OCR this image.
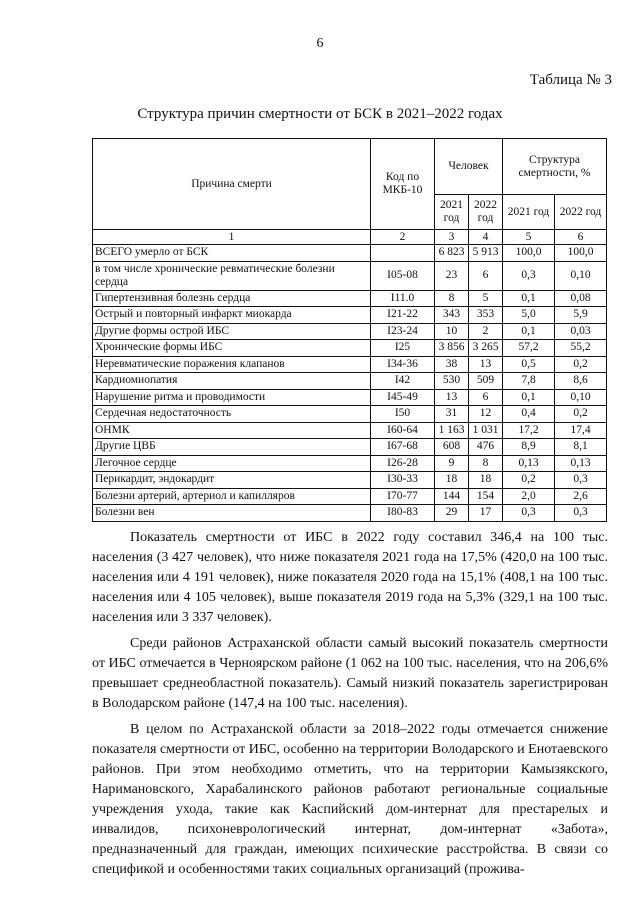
6
Таблица № 3
Структура причин смертности от БСК в 2021–2022 годах
Причина смерти	Код по МКБ-10	Человек		Структура смертности, %	
		2021 год	2022 год	2021 год	2022 год
1	2	3	4	5	6
ВСЕГО умерло от БСК		6 823	5 913	100,0	100,0
в том числе хронические ревматические болезни сердца	I05-08	23	6	0,3	0,10
Гипертензивная болезнь сердца	I11.0	8	5	0,1	0,08
Острый и повторный инфаркт миокарда	I21-22	343	353	5,0	5,9
Другие формы острой ИБС	I23-24	10	2	0,1	0,03
Хронические формы ИБС	I25	3 856	3 265	57,2	55,2
Неревматические поражения клапанов	I34-36	38	13	0,5	0,2
Кардиомиопатия	I42	530	509	7,8	8,6
Нарушение ритма и проводимости	I45-49	13	6	0,1	0,10
Сердечная недостаточность	I50	31	12	0,4	0,2
ОНМК	I60-64	1 163	1 031	17,2	17,4
Другие ЦВБ	I67-68	608	476	8,9	8,1
Легочное сердце	I26-28	9	8	0,13	0,13
Перикардит, эндокардит	I30-33	18	18	0,2	0,3
Болезни артерий, артериол и капилляров	I70-77	144	154	2,0	2,6
Болезни вен	I80-83	29	17	0,3	0,3

Показатель смертности от ИБС в 2022 году составил 346,4 на 100 тыс. населения (3 427 человек), что ниже показателя 2021 года на 17,5% (420,0 на 100 тыс. населения или 4 191 человек), ниже показателя 2020 года на 15,1% (408,1 на 100 тыс. населения или 4 105 человек), выше показателя 2019 года на 5,3% (329,1 на 100 тыс. населения или 3 337 человек).

Среди районов Астраханской области самый высокий показатель смертности от ИБС отмечается в Черноярском районе (1 062 на 100 тыс. населения, что на 206,6% превышает среднеобластной показатель). Самый низкий показатель зарегистрирован в Володарском районе (147,4 на 100 тыс. населения).

В целом по Астраханской области за 2018–2022 годы отмечается снижение показателя смертности от ИБС, особенно на территории Володарского и Енотаевского районов. При этом необходимо отметить, что на территории Камызякского, Наримановского, Харабалинского районов работают региональные социальные учреждения ухода, такие как Каспийский дом-интернат для престарелых и инвалидов, психоневрологический интернат, дом-интернат «Забота», предназначенный для граждан, имеющих психические расстройства. В связи со спецификой и особенностями таких социальных организаций (прожива-
